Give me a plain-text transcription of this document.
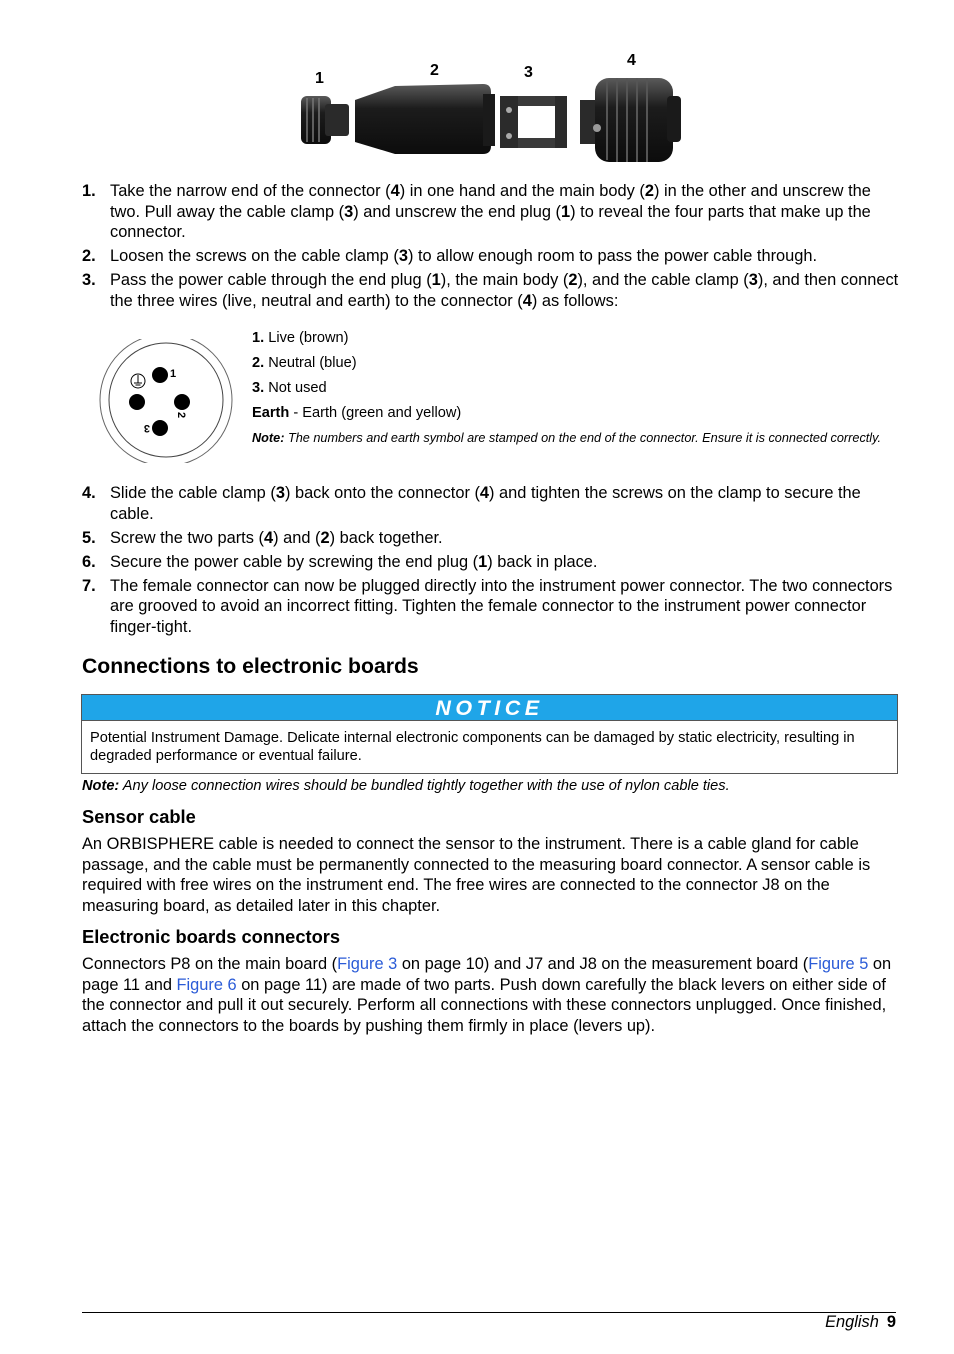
1	2	3
4
1. Take the narrow end of the connector (4) in one hand and the main body (2) in the other and unscrew the two. Pull away the cable clamp (3) and unscrew the end plug (1) to reveal the four parts that make up the connector.
2. Loosen the screws on the cable clamp (3) to allow enough room to pass the power cable through.
3. Pass the power cable through the end plug (1), the main body (2), and the cable clamp (3), and then connect the three wires (live, neutral and earth) to the connector (4) as follows:
1
2
3
1. Live (brown)
2. Neutral (blue)
3. Not used
Earth - Earth (green and yellow)
Note: The numbers and earth symbol are stamped on the end of the connector. Ensure it is connected correctly.
4. Slide the cable clamp (3) back onto the connector (4) and tighten the screws on the clamp to secure the cable.
5. Screw the two parts (4) and (2) back together.
6. Secure the power cable by screwing the end plug (1) back in place.
7. The female connector can now be plugged directly into the instrument power connector. The two connectors are grooved to avoid an incorrect fitting. Tighten the female connector to the instrument power connector finger-tight.
Connections to electronic boards
NOTICE
Potential Instrument Damage. Delicate internal electronic components can be damaged by static electricity, resulting in degraded performance or eventual failure.
Note: Any loose connection wires should be bundled tightly together with the use of nylon cable ties.
Sensor cable
An ORBISPHERE cable is needed to connect the sensor to the instrument. There is a cable gland for cable passage, and the cable must be permanently connected to the measuring board connector. A sensor cable is required with free wires on the instrument end. The free wires are connected to the connector J8 on the measuring board, as detailed later in this chapter.
Electronic boards connectors
Connectors P8 on the main board (Figure 3 on page 10) and J7 and J8 on the measurement board (Figure 5 on page 11 and Figure 6 on page 11) are made of two parts. Push down carefully the black levers on either side of the connector and pull it out securely. Perform all connections with these connectors unplugged. Once finished, attach the connectors to the boards by pushing them firmly in place (levers up).
English 9
